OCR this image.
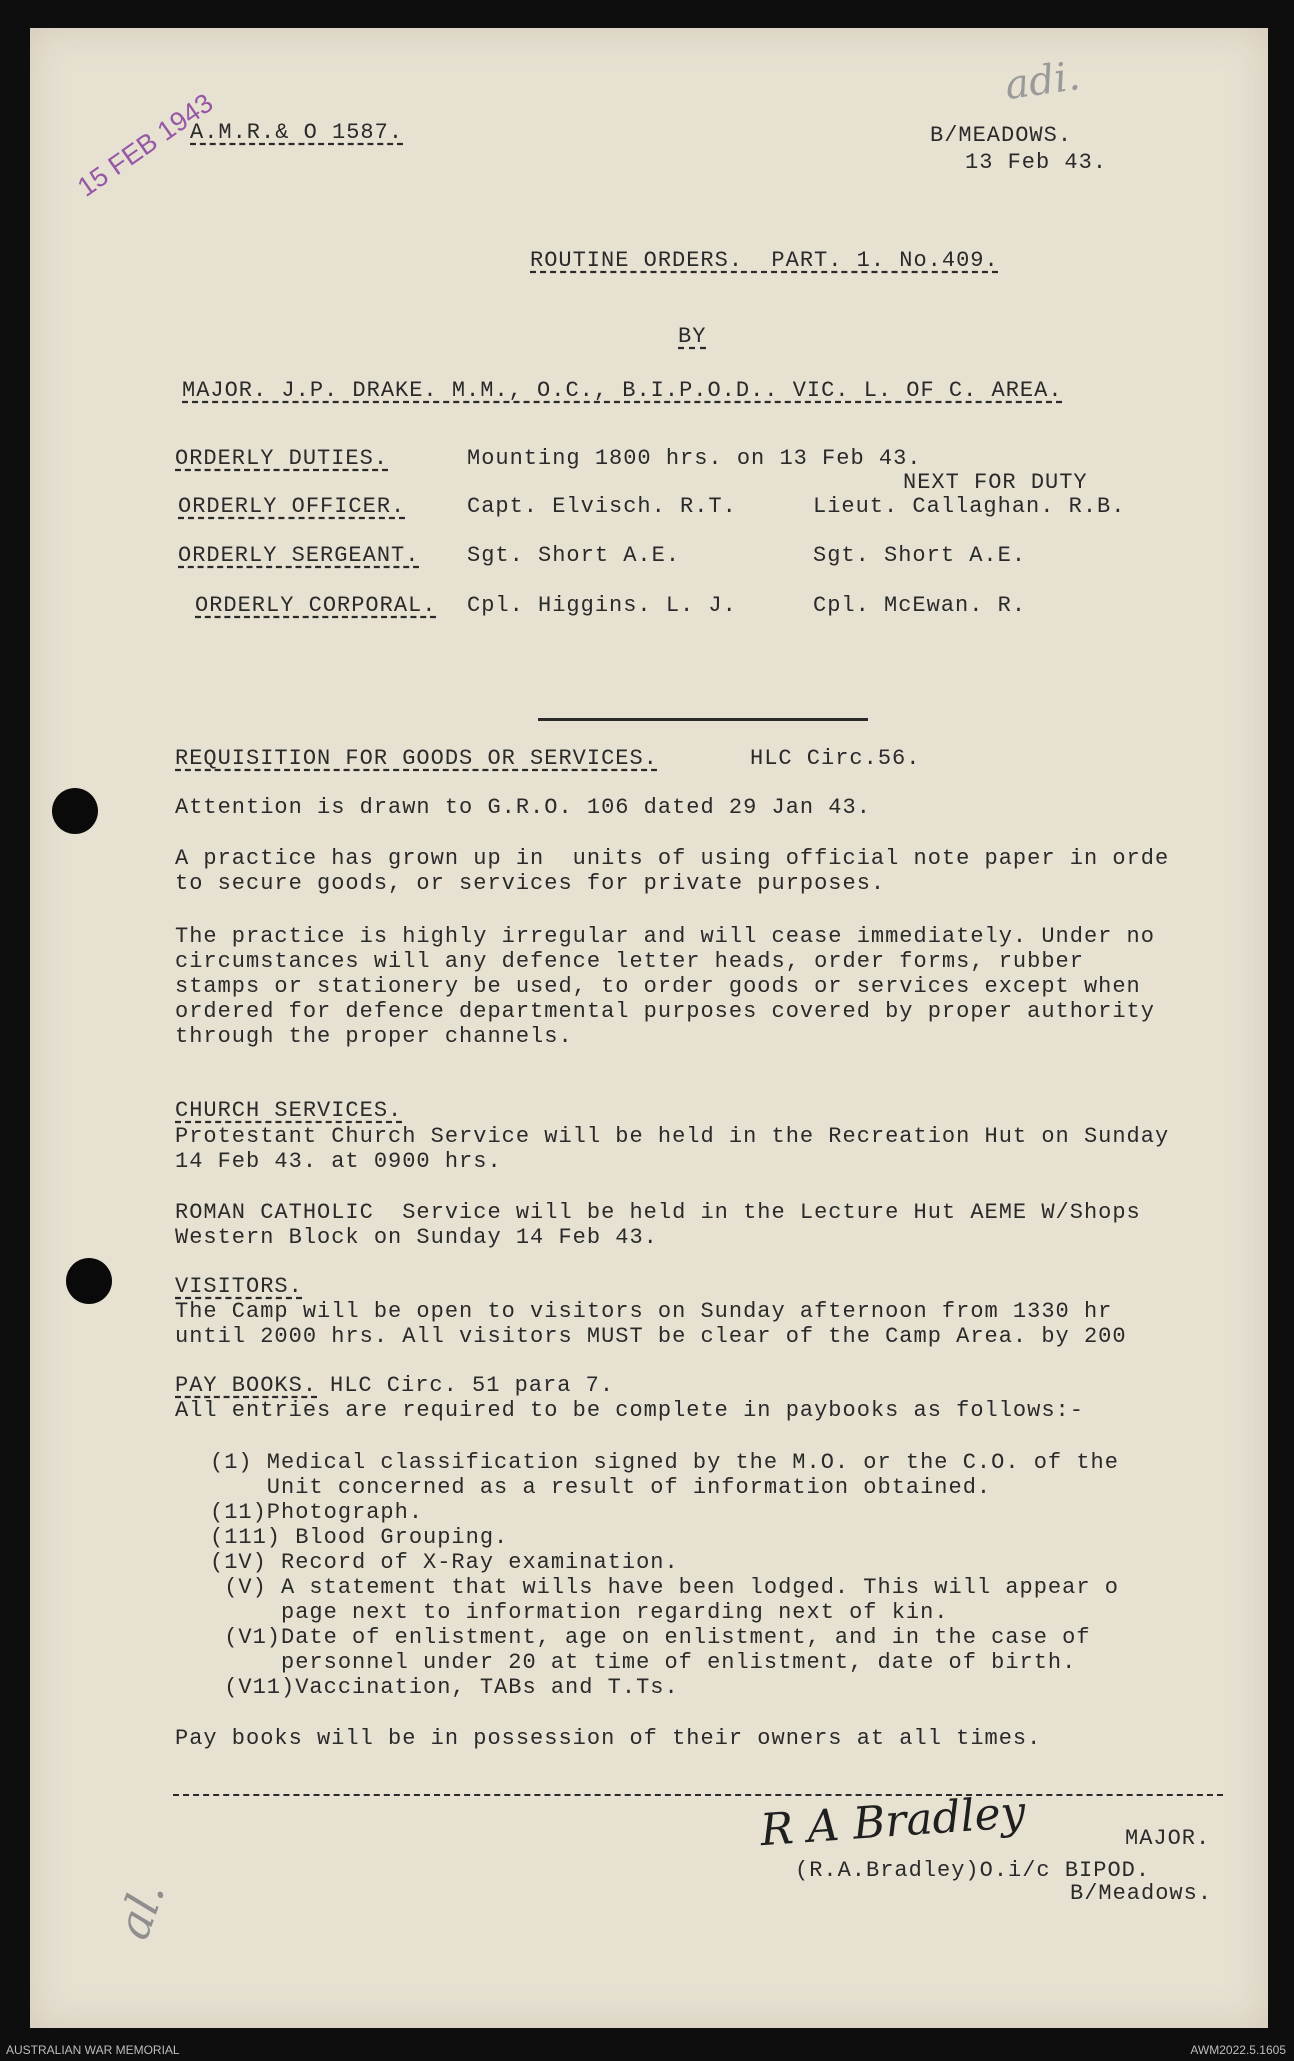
15 FEB 1943
A.M.R.& O 1587.
adi.
B/MEADOWS.
13 Feb 43.
ROUTINE ORDERS.  PART. 1. No.409.
BY
MAJOR. J.P. DRAKE. M.M., O.C., B.I.P.O.D.. VIC. L. OF C. AREA.
ORDERLY DUTIES.	Mounting 1800 hrs. on 13 Feb 43.
NEXT FOR DUTY
ORDERLY OFFICER.	Capt. Elvisch. R.T.	Lieut. Callaghan. R.B.
ORDERLY SERGEANT. Sgt. Short A.E.	Sgt. Short A.E.
ORDERLY CORPORAL. Cpl. Higgins. L. J.	Cpl. McEwan. R.
REQUISITION FOR GOODS OR SERVICES.	HLC Circ.56.
Attention is drawn to G.R.O. 106 dated 29 Jan 43.
A practice has grown up in  units of using official note paper in orde
to secure goods, or services for private purposes.
The practice is highly irregular and will cease immediately. Under no
circumstances will any defence letter heads, order forms, rubber
stamps or stationery be used, to order goods or services except when
ordered for defence departmental purposes covered by proper authority
through the proper channels.
CHURCH SERVICES.
Protestant Church Service will be held in the Recreation Hut on Sunday
14 Feb 43. at 0900 hrs.
ROMAN CATHOLIC  Service will be held in the Lecture Hut AEME W/Shops
Western Block on Sunday 14 Feb 43.
VISITORS.
The Camp will be open to visitors on Sunday afternoon from 1330 hr
until 2000 hrs. All visitors MUST be clear of the Camp Area. by 200
PAY BOOKS. HLC Circ. 51 para 7.
All entries are required to be complete in paybooks as follows:-
(1) Medical classification signed by the M.O. or the C.O. of the
Unit concerned as a result of information obtained.
(11)Photograph.
(111) Blood Grouping.
(1V) Record of X-Ray examination.
(V) A statement that wills have been lodged. This will appear o
page next to information regarding next of kin.
(V1)Date of enlistment, age on enlistment, and in the case of
personnel under 20 at time of enlistment, date of birth.
(V11)Vaccination, TABs and T.Ts.
Pay books will be in possession of their owners at all times.
R A Bradley	MAJOR.
(R.A.Bradley)O.i/c BIPOD.
B/Meadows.
al.
AUSTRALIAN WAR MEMORIAL	AWM2022.5.1605
